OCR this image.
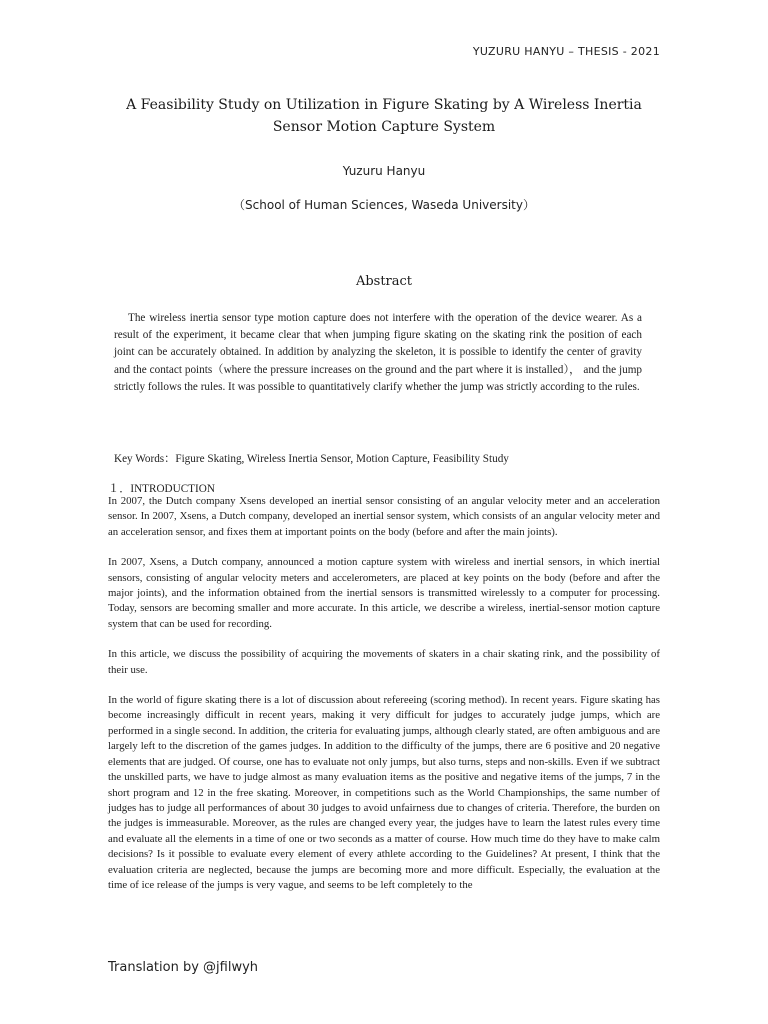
YUZURU HANYU – THESIS - 2021
A Feasibility Study on Utilization in Figure Skating by A Wireless Inertia
Sensor Motion Capture System
Yuzuru Hanyu
（School of Human Sciences, Waseda University）
Abstract

The wireless inertia sensor type motion capture does not interfere with the operation of the device wearer. As a result of the experiment, it became clear that when jumping figure skating on the skating rink the position of each joint can be accurately obtained. In addition by analyzing the skeleton, it is possible to identify the center of gravity and the contact points（where the pressure increases on the ground and the part where it is installed）， and the jump strictly follows the rules. It was possible to quantitatively clarify whether the jump was strictly according to the rules.

Key Words：Figure Skating, Wireless Inertia Sensor, Motion Capture, Feasibility Study
１．INTRODUCTION

In 2007, the Dutch company Xsens developed an inertial sensor consisting of an angular velocity meter and an acceleration sensor. In 2007, Xsens, a Dutch company, developed an inertial sensor system, which consists of an angular velocity meter and an acceleration sensor, and fixes them at important points on the body (before and after the main joints).

In 2007, Xsens, a Dutch company, announced a motion capture system with wireless and inertial sensors, in which inertial sensors, consisting of angular velocity meters and accelerometers, are placed at key points on the body (before and after the major joints), and the information obtained from the inertial sensors is transmitted wirelessly to a computer for processing. Today, sensors are becoming smaller and more accurate. In this article, we describe a wireless, inertial-sensor motion capture system that can be used for recording.

In this article, we discuss the possibility of acquiring the movements of skaters in a chair skating rink, and the possibility of their use.

In the world of figure skating there is a lot of discussion about refereeing (scoring method). In recent years. Figure skating has become increasingly difficult in recent years, making it very difficult for judges to accurately judge jumps, which are performed in a single second. In addition, the criteria for evaluating jumps, although clearly stated, are often ambiguous and are largely left to the discretion of the games judges. In addition to the difficulty of the jumps, there are 6 positive and 20 negative elements that are judged. Of course, one has to evaluate not only jumps, but also turns, steps and non-skills. Even if we subtract the unskilled parts, we have to judge almost as many evaluation items as the positive and negative items of the jumps, 7 in the short program and 12 in the free skating. Moreover, in competitions such as the World Championships, the same number of judges has to judge all performances of about 30 judges to avoid unfairness due to changes of criteria. Therefore, the burden on the judges is immeasurable. Moreover, as the rules are changed every year, the judges have to learn the latest rules every time and evaluate all the elements in a time of one or two seconds as a matter of course. How much time do they have to make calm decisions? Is it possible to evaluate every element of every athlete according to the Guidelines? At present, I think that the evaluation criteria are neglected, because the jumps are becoming more and more difficult. Especially, the evaluation at the time of ice release of the jumps is very vague, and seems to be left completely to the

Translation by @jfilwyh
